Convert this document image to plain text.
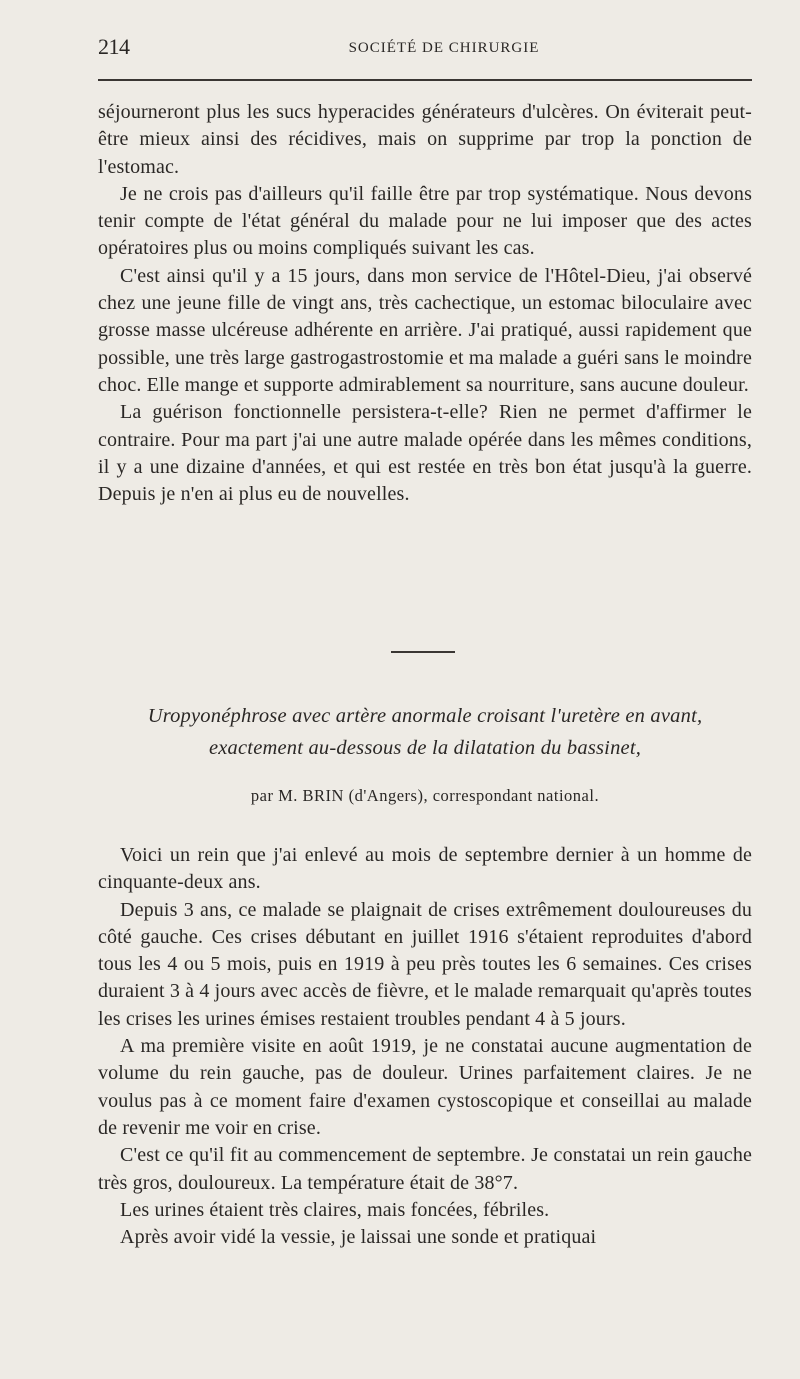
214	SOCIÉTÉ DE CHIRURGIE

séjourneront plus les sucs hyperacides générateurs d'ulcères. On éviterait peut-être mieux ainsi des récidives, mais on supprime par trop la ponction de l'estomac.

Je ne crois pas d'ailleurs qu'il faille être par trop systématique. Nous devons tenir compte de l'état général du malade pour ne lui imposer que des actes opératoires plus ou moins compliqués suivant les cas.

C'est ainsi qu'il y a 15 jours, dans mon service de l'Hôtel-Dieu, j'ai observé chez une jeune fille de vingt ans, très cachectique, un estomac biloculaire avec grosse masse ulcéreuse adhérente en arrière. J'ai pratiqué, aussi rapidement que possible, une très large gastrogastrostomie et ma malade a guéri sans le moindre choc. Elle mange et supporte admirablement sa nourriture, sans aucune douleur.

La guérison fonctionnelle persistera-t-elle? Rien ne permet d'affirmer le contraire. Pour ma part j'ai une autre malade opérée dans les mêmes conditions, il y a une dizaine d'années, et qui est restée en très bon état jusqu'à la guerre. Depuis je n'en ai plus eu de nouvelles.

Uropyonéphrose avec artère anormale croisant l'uretère en avant,
exactement au-dessous de la dilatation du bassinet,
par M. BRIN (d'Angers), correspondant national.

Voici un rein que j'ai enlevé au mois de septembre dernier à un homme de cinquante-deux ans.

Depuis 3 ans, ce malade se plaignait de crises extrêmement douloureuses du côté gauche. Ces crises débutant en juillet 1916 s'étaient reproduites d'abord tous les 4 ou 5 mois, puis en 1919 à peu près toutes les 6 semaines. Ces crises duraient 3 à 4 jours avec accès de fièvre, et le malade remarquait qu'après toutes les crises les urines émises restaient troubles pendant 4 à 5 jours.

A ma première visite en août 1919, je ne constatai aucune augmentation de volume du rein gauche, pas de douleur. Urines parfaitement claires. Je ne voulus pas à ce moment faire d'examen cystoscopique et conseillai au malade de revenir me voir en crise.

C'est ce qu'il fit au commencement de septembre. Je constatai un rein gauche très gros, douloureux. La température était de 38°7.

Les urines étaient très claires, mais foncées, fébriles.

Après avoir vidé la vessie, je laissai une sonde et pratiquai
